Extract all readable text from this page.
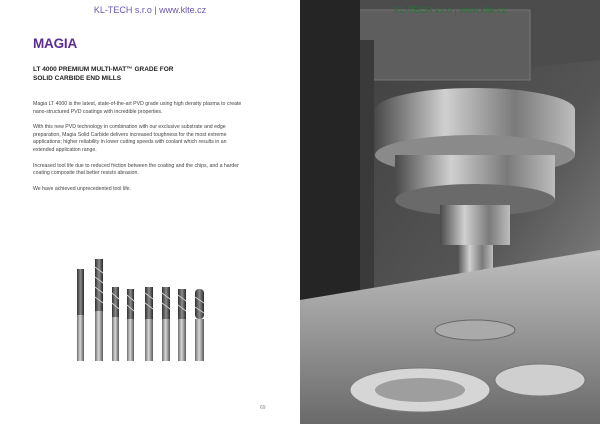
KL-TECH s.r.o | www.klte.cz
MAGIA
LT 4000 PREMIUM MULTI-MAT™ GRADE FOR
SOLID CARBIDE END MILLS

Magia LT 4000 is the latest, state-of-the-art PVD grade using high density plasma to create nano-structured PVD coatings with incredible properties.

With this new PVD technology in combination with our exclusive substrate and edge preparation, Magia Solid Carbide delivers increased toughness for the most extreme applications; higher reliability in lower cutting speeds with coolant which results in an extended application range.

Increased tool life due to reduced friction between the coating and the chips, and a harder coating composite that better resists abrasion.

We have achieved unprecedented tool life.

69
KL-TECH s.r.o | www.klte.cz
